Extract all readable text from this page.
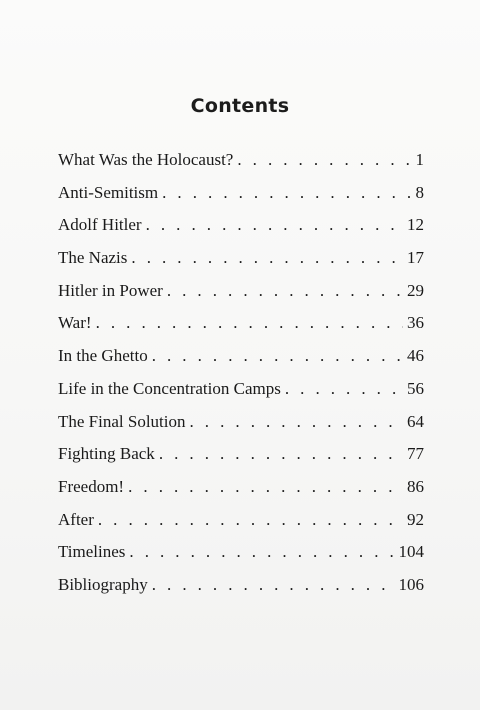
Contents
What Was the Holocaust? . . .	1
Anti-Semitism . . .	8
Adolf Hitler . . .	12
The Nazis . . .	17
Hitler in Power . . .	29
War! . . .	36
In the Ghetto . . .	46
Life in the Concentration Camps . . .	56
The Final Solution . . .	64
Fighting Back . . .	77
Freedom! . . .	86
After . . .	92
Timelines . . .	104
Bibliography . . .	106
